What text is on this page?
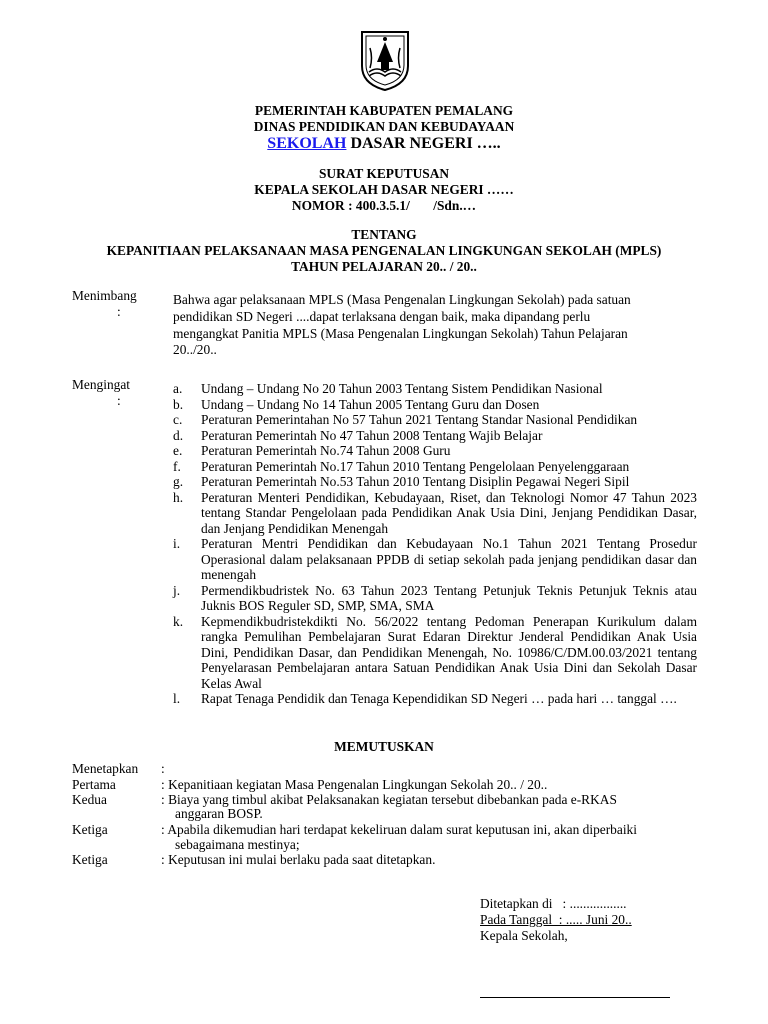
PEMERINTAH KABUPATEN PEMALANG
DINAS PENDIDIKAN DAN KEBUDAYAAN
SEKOLAH DASAR NEGERI …..
SURAT KEPUTUSAN
KEPALA SEKOLAH DASAR NEGERI ……
NOMOR : 400.3.5.1/       /Sdn.…
TENTANG
KEPANITIAAN PELAKSANAAN MASA PENGENALAN LINGKUNGAN SEKOLAH (MPLS)
TAHUN PELAJARAN 20.. / 20..
Menimbang
:
Bahwa agar pelaksanaan MPLS (Masa Pengenalan Lingkungan Sekolah) pada satuan
pendidikan SD Negeri ....dapat terlaksana dengan baik, maka dipandang perlu
mengangkat Panitia MPLS (Masa Pengenalan Lingkungan Sekolah) Tahun Pelajaran
20../20..
Mengingat
:
a.	Undang – Undang No 20 Tahun 2003 Tentang Sistem Pendidikan Nasional
b.	Undang – Undang No 14 Tahun 2005 Tentang Guru dan Dosen
c.	Peraturan Pemerintahan No 57 Tahun 2021 Tentang Standar Nasional Pendidikan
d.	Peraturan Pemerintah No 47 Tahun 2008 Tentang Wajib Belajar
e.	Peraturan Pemerintah No.74 Tahun 2008 Guru
f.	Peraturan Pemerintah No.17 Tahun 2010 Tentang Pengelolaan Penyelenggaraan
g.	Peraturan Pemerintah No.53 Tahun 2010 Tentang Disiplin Pegawai Negeri Sipil
h.	Peraturan Menteri Pendidikan, Kebudayaan, Riset, dan Teknologi Nomor 47 Tahun 2023 tentang Standar Pengelolaan pada Pendidikan Anak Usia Dini, Jenjang Pendidikan Dasar, dan Jenjang Pendidikan Menengah
i.	Peraturan Mentri Pendidikan dan Kebudayaan No.1 Tahun 2021 Tentang Prosedur Operasional dalam pelaksanaan PPDB di setiap sekolah pada jenjang pendidikan dasar dan menengah
j.	Permendikbudristek No. 63 Tahun 2023 Tentang Petunjuk Teknis Petunjuk Teknis atau Juknis BOS Reguler SD, SMP, SMA, SMA
k.	Kepmendikbudristekdikti No. 56/2022 tentang Pedoman Penerapan Kurikulum dalam rangka Pemulihan Pembelajaran Surat Edaran Direktur Jenderal Pendidikan Anak Usia Dini, Pendidikan Dasar, dan Pendidikan Menengah, No. 10986/C/DM.00.03/2021 tentang Penyelarasan Pembelajaran antara Satuan Pendidikan Anak Usia Dini dan Sekolah Dasar Kelas Awal
l.	Rapat Tenaga Pendidik dan Tenaga Kependidikan SD Negeri … pada hari … tanggal ….
MEMUTUSKAN
Menetapkan :
Pertama	: Kepanitiaan kegiatan Masa Pengenalan Lingkungan Sekolah 20.. / 20..
Kedua	: Biaya yang timbul akibat Pelaksanakan kegiatan tersebut dibebankan pada e-RKAS
anggaran BOSP.
Ketiga	: Apabila dikemudian hari terdapat kekeliruan dalam surat keputusan ini, akan diperbaiki
sebagaimana mestinya;
Ketiga	: Keputusan ini mulai berlaku pada saat ditetapkan.
Ditetapkan di   : .................
Pada Tanggal  : ..... Juni 20..
Kepala Sekolah,
